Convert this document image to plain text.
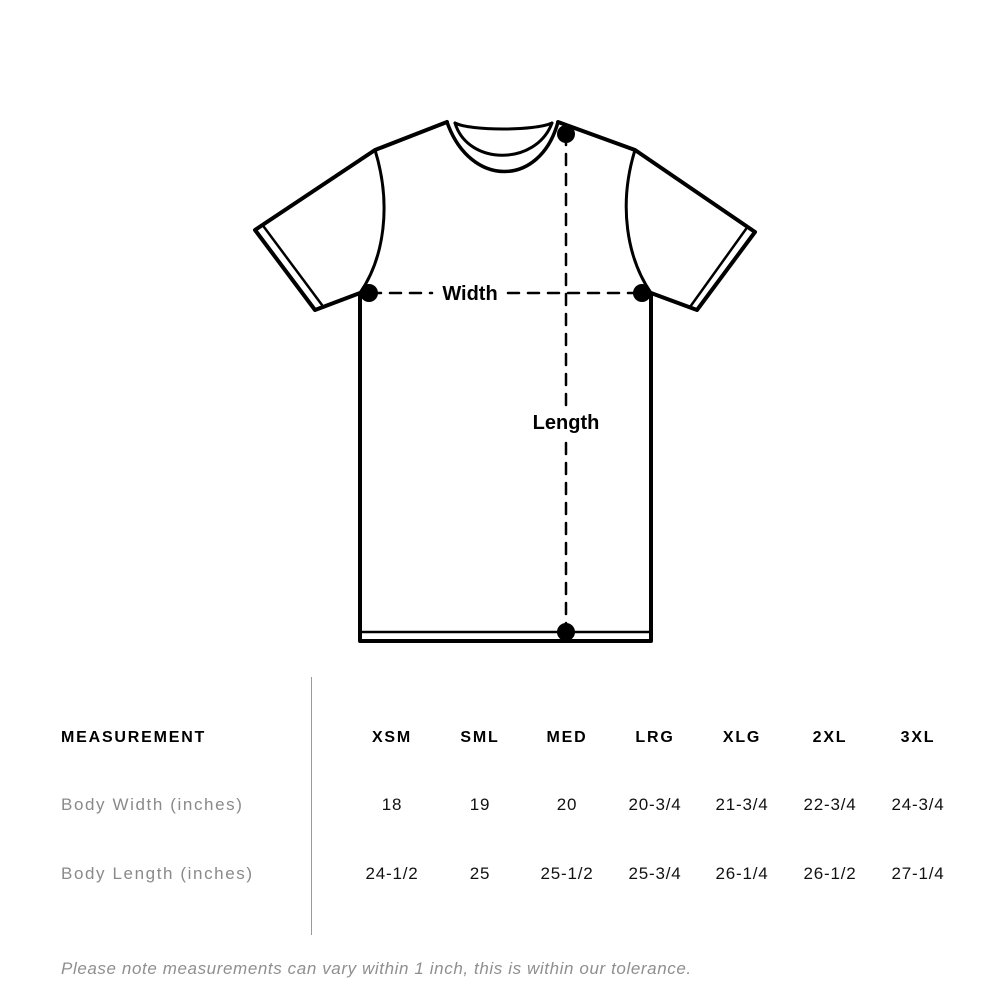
Width
Length
MEASUREMENT	XSM	SML	MED	LRG	XLG	2XL	3XL
Body Width (inches)	18	19	20	20-3/4	21-3/4	22-3/4	24-3/4
Body Length (inches)	24-1/2	25	25-1/2	25-3/4	26-1/4	26-1/2	27-1/4
Please note measurements can vary within 1 inch, this is within our tolerance.
